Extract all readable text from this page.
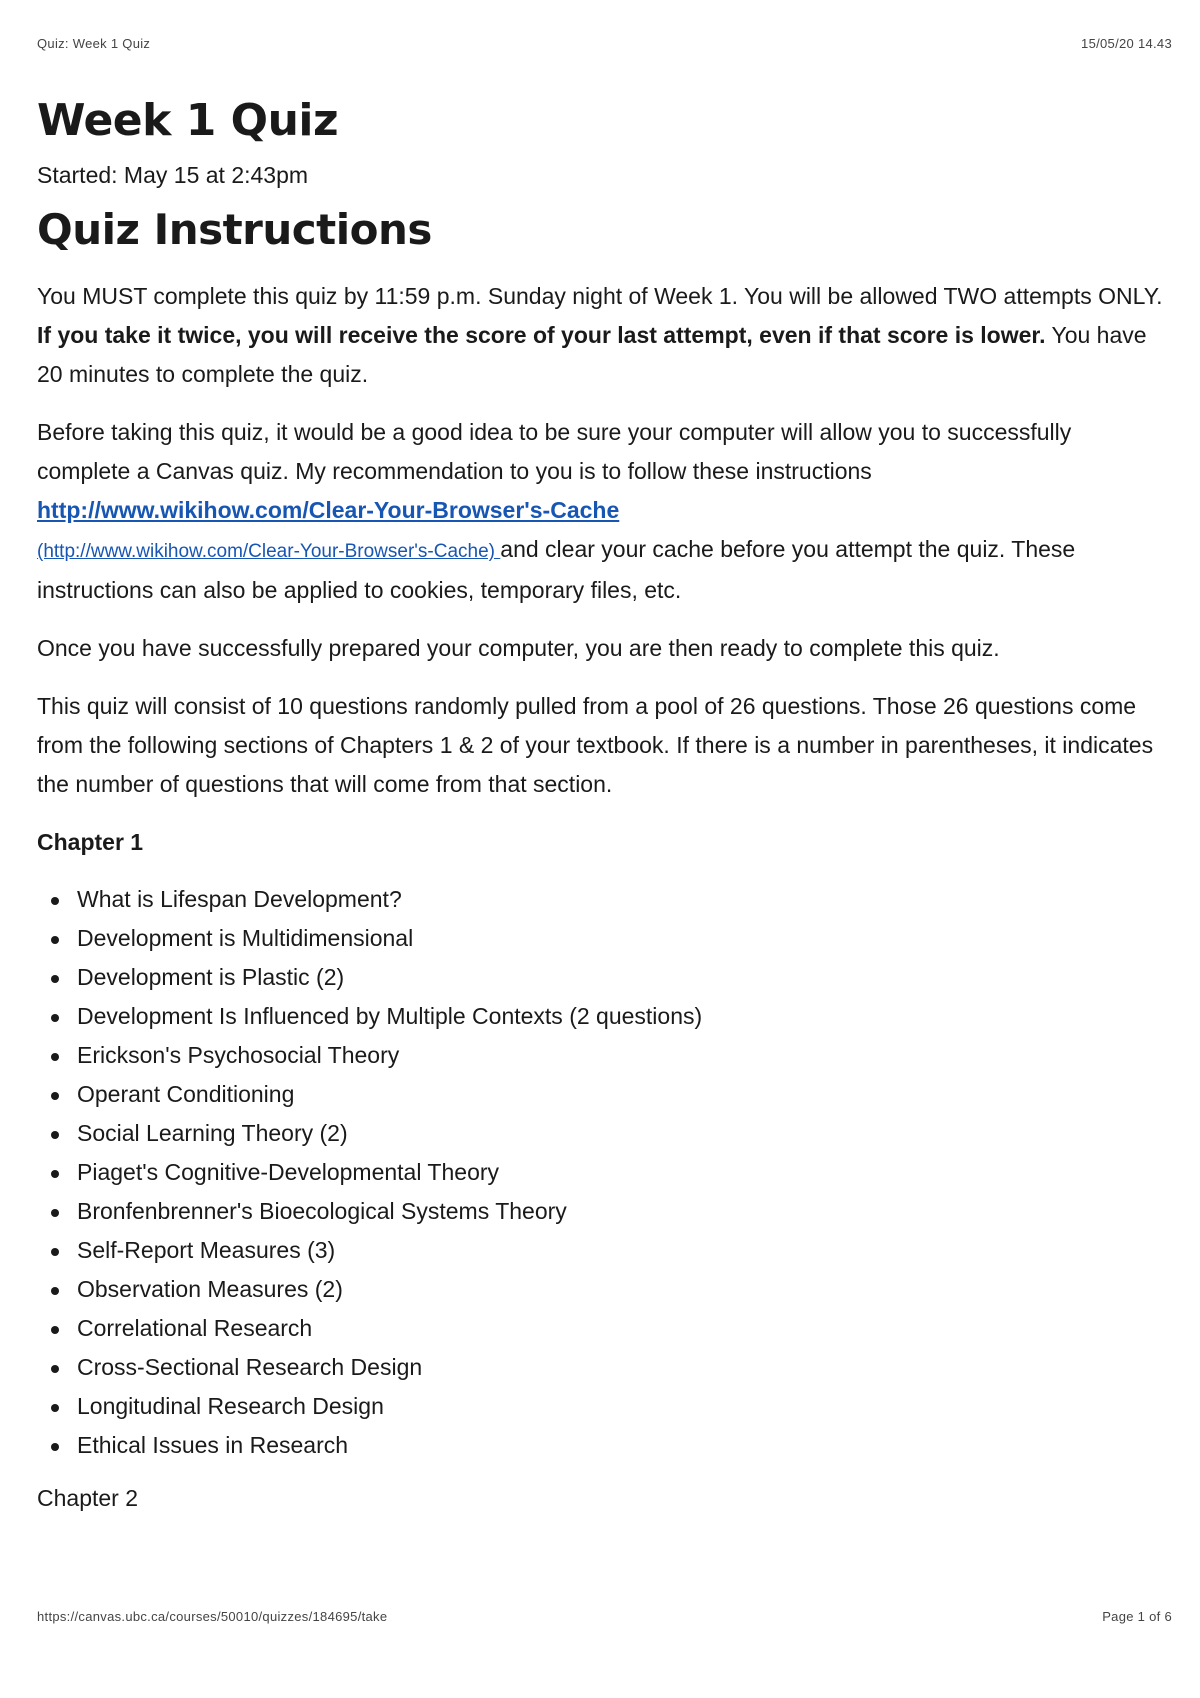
Quiz: Week 1 Quiz	15/05/20 14.43
Week 1 Quiz
Started: May 15 at 2:43pm
Quiz Instructions

You MUST complete this quiz by 11:59 p.m. Sunday night of Week 1. You will be allowed TWO attempts ONLY. If you take it twice, you will receive the score of your last attempt, even if that score is lower. You have 20 minutes to complete the quiz.

Before taking this quiz, it would be a good idea to be sure your computer will allow you to successfully complete a Canvas quiz. My recommendation to you is to follow these instructions http://www.wikihow.com/Clear-Your-Browser's-Cache
(http://www.wikihow.com/Clear-Your-Browser's-Cache) and clear your cache before you attempt the quiz. These instructions can also be applied to cookies, temporary files, etc.

Once you have successfully prepared your computer, you are then ready to complete this quiz.

This quiz will consist of 10 questions randomly pulled from a pool of 26 questions. Those 26 questions come from the following sections of Chapters 1 & 2 of your textbook. If there is a number in parentheses, it indicates the number of questions that will come from that section.

Chapter 1
What is Lifespan Development?
Development is Multidimensional
Development is Plastic (2)
Development Is Influenced by Multiple Contexts (2 questions)
Erickson's Psychosocial Theory
Operant Conditioning
Social Learning Theory (2)
Piaget's Cognitive-Developmental Theory
Bronfenbrenner's Bioecological Systems Theory
Self-Report Measures (3)
Observation Measures (2)
Correlational Research
Cross-Sectional Research Design
Longitudinal Research Design
Ethical Issues in Research
Chapter 2
https://canvas.ubc.ca/courses/50010/quizzes/184695/take	Page 1 of 6
